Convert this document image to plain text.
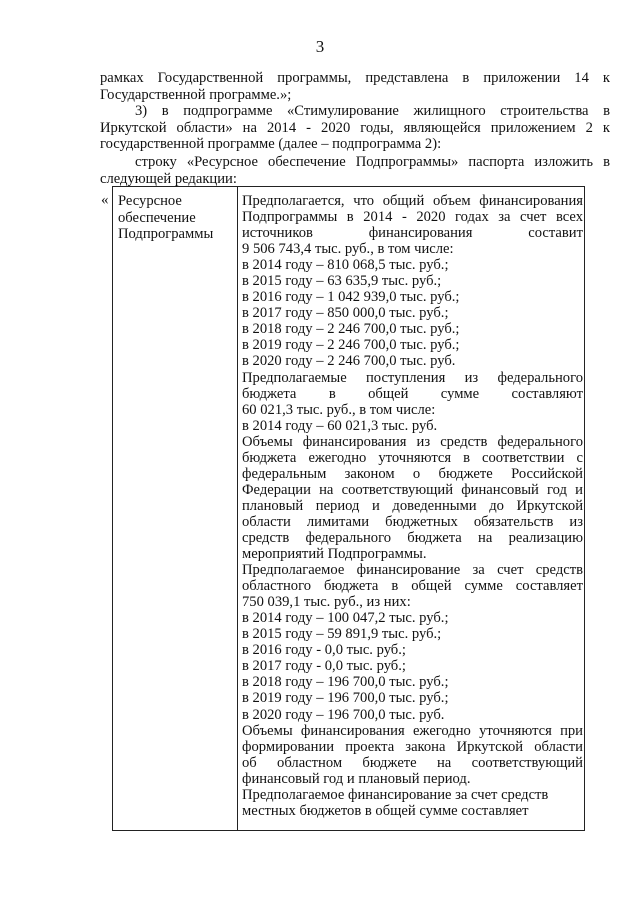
3
рамках Государственной программы, представлена в приложении 14 к
Государственной программе.»;
3) в подпрограмме «Стимулирование жилищного строительства в
Иркутской области» на 2014 - 2020 годы, являющейся приложением 2 к
государственной программе (далее – подпрограмма 2):
строку «Ресурсное обеспечение Подпрограммы» паспорта изложить в
следующей редакции:
« Ресурсное
обеспечение
Подпрограммы
Предполагается, что общий объем финансирования
Подпрограммы в 2014 - 2020 годах за счет всех
источников финансирования составит
9 506 743,4 тыс. руб., в том числе:
в 2014 году – 810 068,5 тыс. руб.;
в 2015 году – 63 635,9 тыс. руб.;
в 2016 году – 1 042 939,0 тыс. руб.;
в 2017 году – 850 000,0 тыс. руб.;
в 2018 году – 2 246 700,0 тыс. руб.;
в 2019 году – 2 246 700,0 тыс. руб.;
в 2020 году – 2 246 700,0 тыс. руб.
Предполагаемые поступления из федерального
бюджета в общей сумме составляют
60 021,3 тыс. руб., в том числе:
в 2014 году – 60 021,3 тыс. руб.
Объемы финансирования из средств федерального
бюджета ежегодно уточняются в соответствии с
федеральным законом о бюджете Российской
Федерации на соответствующий финансовый год и
плановый период и доведенными до Иркутской
области лимитами бюджетных обязательств из
средств федерального бюджета на реализацию
мероприятий Подпрограммы.
Предполагаемое финансирование за счет средств
областного бюджета в общей сумме составляет
750 039,1 тыс. руб., из них:
в 2014 году – 100 047,2 тыс. руб.;
в 2015 году – 59 891,9 тыс. руб.;
в 2016 году - 0,0 тыс. руб.;
в 2017 году - 0,0 тыс. руб.;
в 2018 году – 196 700,0 тыс. руб.;
в 2019 году – 196 700,0 тыс. руб.;
в 2020 году – 196 700,0 тыс. руб.
Объемы финансирования ежегодно уточняются при
формировании проекта закона Иркутской области
об областном бюджете на соответствующий
финансовый год и плановый период.
Предполагаемое финансирование за счет средств
местных бюджетов в общей сумме составляет
